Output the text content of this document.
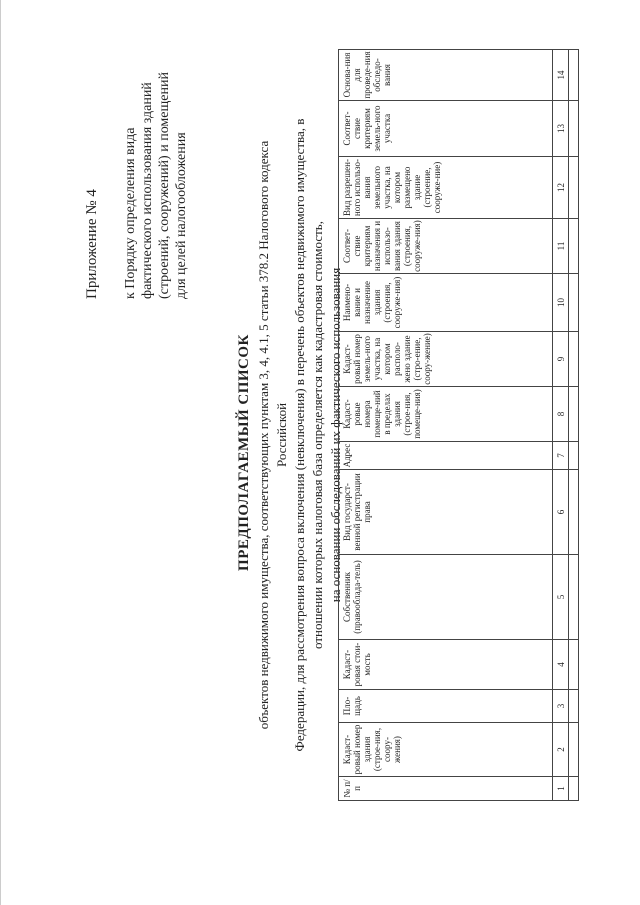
Приложение № 4 к Порядку определения вида фактического использования зданий (строений, сооружений) и помещений для целей налогообложения
ПРЕДПОЛАГАЕМЫЙ СПИСОК объектов недвижимого имущества, соответствующих пунктам 3, 4, 4.1, 5 статьи 378.2 Налогового кодекса Российской Федерации, для рассмотрения вопроса включения (невключения) в перечень объектов недвижимого имущества, в отношении которых налоговая база определяется как кадастровая стоимость, на основании обследований их фактического использования
№ п/п	Кадаст-ровый номер здания (строе-ния, соору-жения)	Пло-щадь	Кадаст-ровая стои-мость	Собственник (правооблада-тель)	Вид государст-венной регистрации права	Адрес	Кадаст-ровые номера помеще-ний в пределах здания (строе-ния, помеще-ния)	Кадаст-ровый номер земель-ного участка, на котором располо-жено здание (стро-ение, соору-жение)	Наимено-вание и назначение здания (строения, сооруже-ния)	Соответ-ствие критериям назначения и использо-вания здания (строения, сооруже-ния)	Вид разрешен-ного использо-вания земельного участка, на котором размещено здание (строение, сооруже-ние)	Соответ-ствие критериям земель-ного участка	Основа-ния для проведе-ния обследо-вания
1	2	3	4	5	6	7	8	9	10	11	12	13	14
